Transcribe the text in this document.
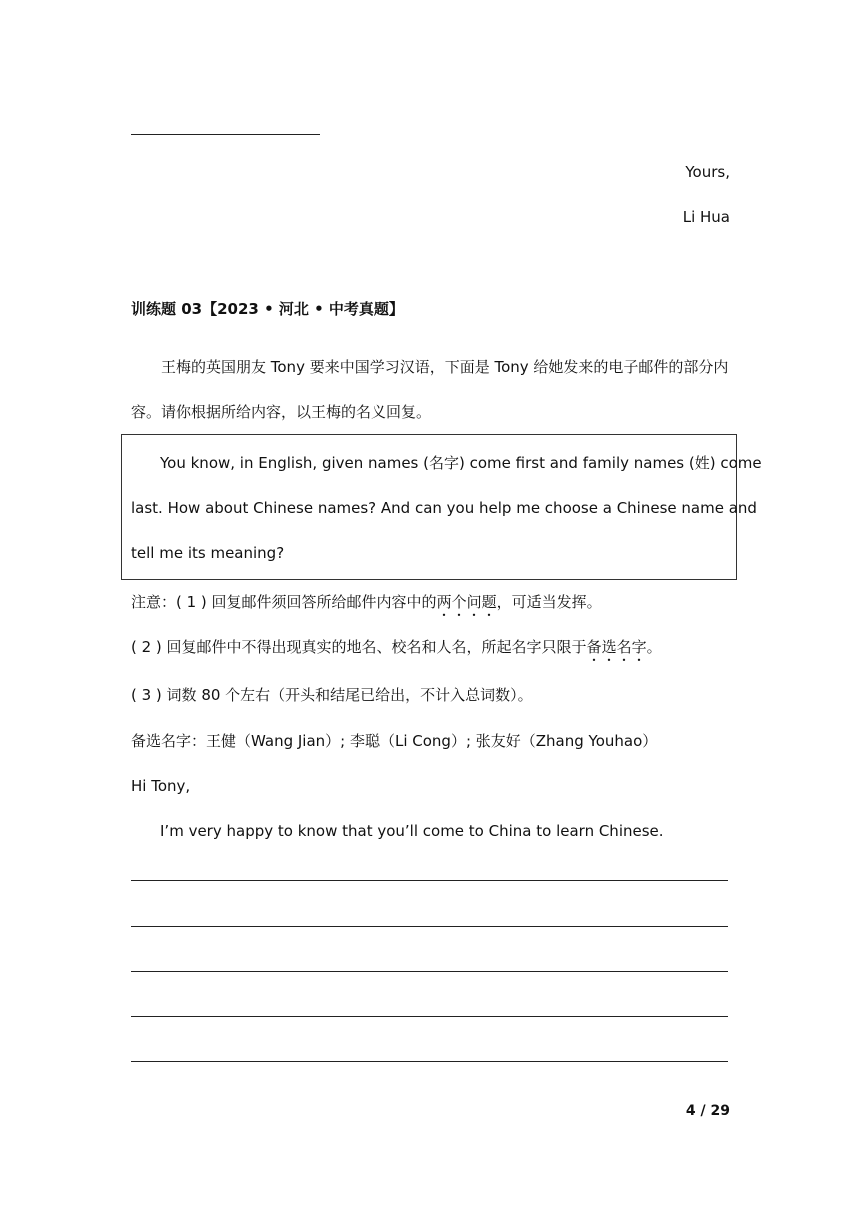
Yours,
Li Hua
训练题 03【2023 • 河北 • 中考真题】
王梅的英国朋友 Tony 要来中国学习汉语，下面是 Tony 给她发来的电子邮件的部分内
容。请你根据所给内容，以王梅的名义回复。
You know, in English, given names (名字) come first and family names (姓) come
last. How about Chinese names? And can you help me choose a Chinese name and
tell me its meaning?
注意：( 1 ) 回复邮件须回答所给邮件内容中的两个问题，可适当发挥。
( 2 ) 回复邮件中不得出现真实的地名、校名和人名，所起名字只限于备选名字。
( 3 ) 词数 80 个左右（开头和结尾已给出，不计入总词数）。
备选名字：王健（Wang Jian）; 李聪（Li Cong）; 张友好（Zhang Youhao）
Hi Tony,
I’m very happy to know that you’ll come to China to learn Chinese.
4 / 29
